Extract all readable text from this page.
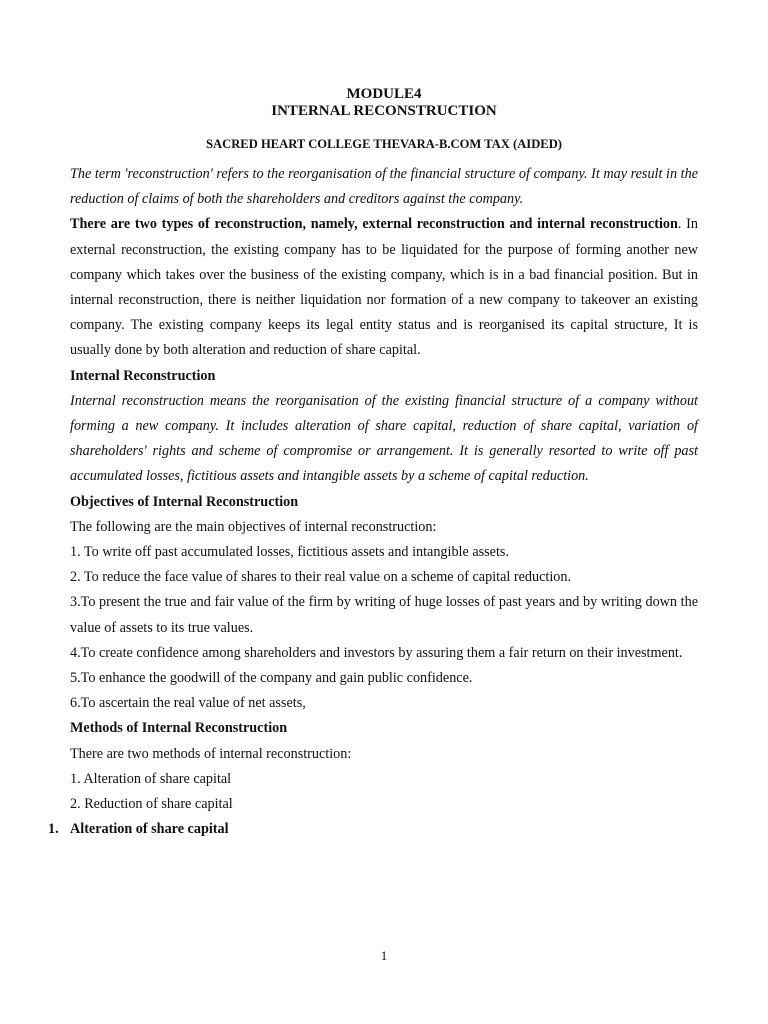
MODULE4

INTERNAL RECONSTRUCTION

SACRED HEART COLLEGE THEVARA-B.COM TAX (AIDED)

The term 'reconstruction' refers to the reorganisation of the financial structure of company. It may result in the reduction of claims of both the shareholders and creditors against the company.

There are two types of reconstruction, namely, external reconstruction and internal reconstruction. In external reconstruction, the existing company has to be liquidated for the purpose of forming another new company which takes over the business of the existing company, which is in a bad financial position. But in internal reconstruction, there is neither liquidation nor formation of a new company to takeover an existing company. The existing company keeps its legal entity status and is reorganised its capital structure, It is usually done by both alteration and reduction of share capital.

Internal Reconstruction

Internal reconstruction means the reorganisation of the existing financial structure of a company without forming a new company. It includes alteration of share capital, reduction of share capital, variation of shareholders' rights and scheme of compromise or arrangement. It is generally resorted to write off past accumulated losses, fictitious assets and intangible assets by a scheme of capital reduction.

Objectives of Internal Reconstruction

The following are the main objectives of internal reconstruction:

1. To write off past accumulated losses, fictitious assets and intangible assets.

2. To reduce the face value of shares to their real value on a scheme of capital reduction.

3.To present the true and fair value of the firm by writing of huge losses of past years and by writing down the value of assets to its true values.

4.To create confidence among shareholders and investors by assuring them a fair return on their investment.

5.To enhance the goodwill of the company and gain public confidence.

6.To ascertain the real value of net assets,

Methods of Internal Reconstruction

There are two methods of internal reconstruction:

1. Alteration of share capital

2. Reduction of share capital

1. Alteration of share capital

1
